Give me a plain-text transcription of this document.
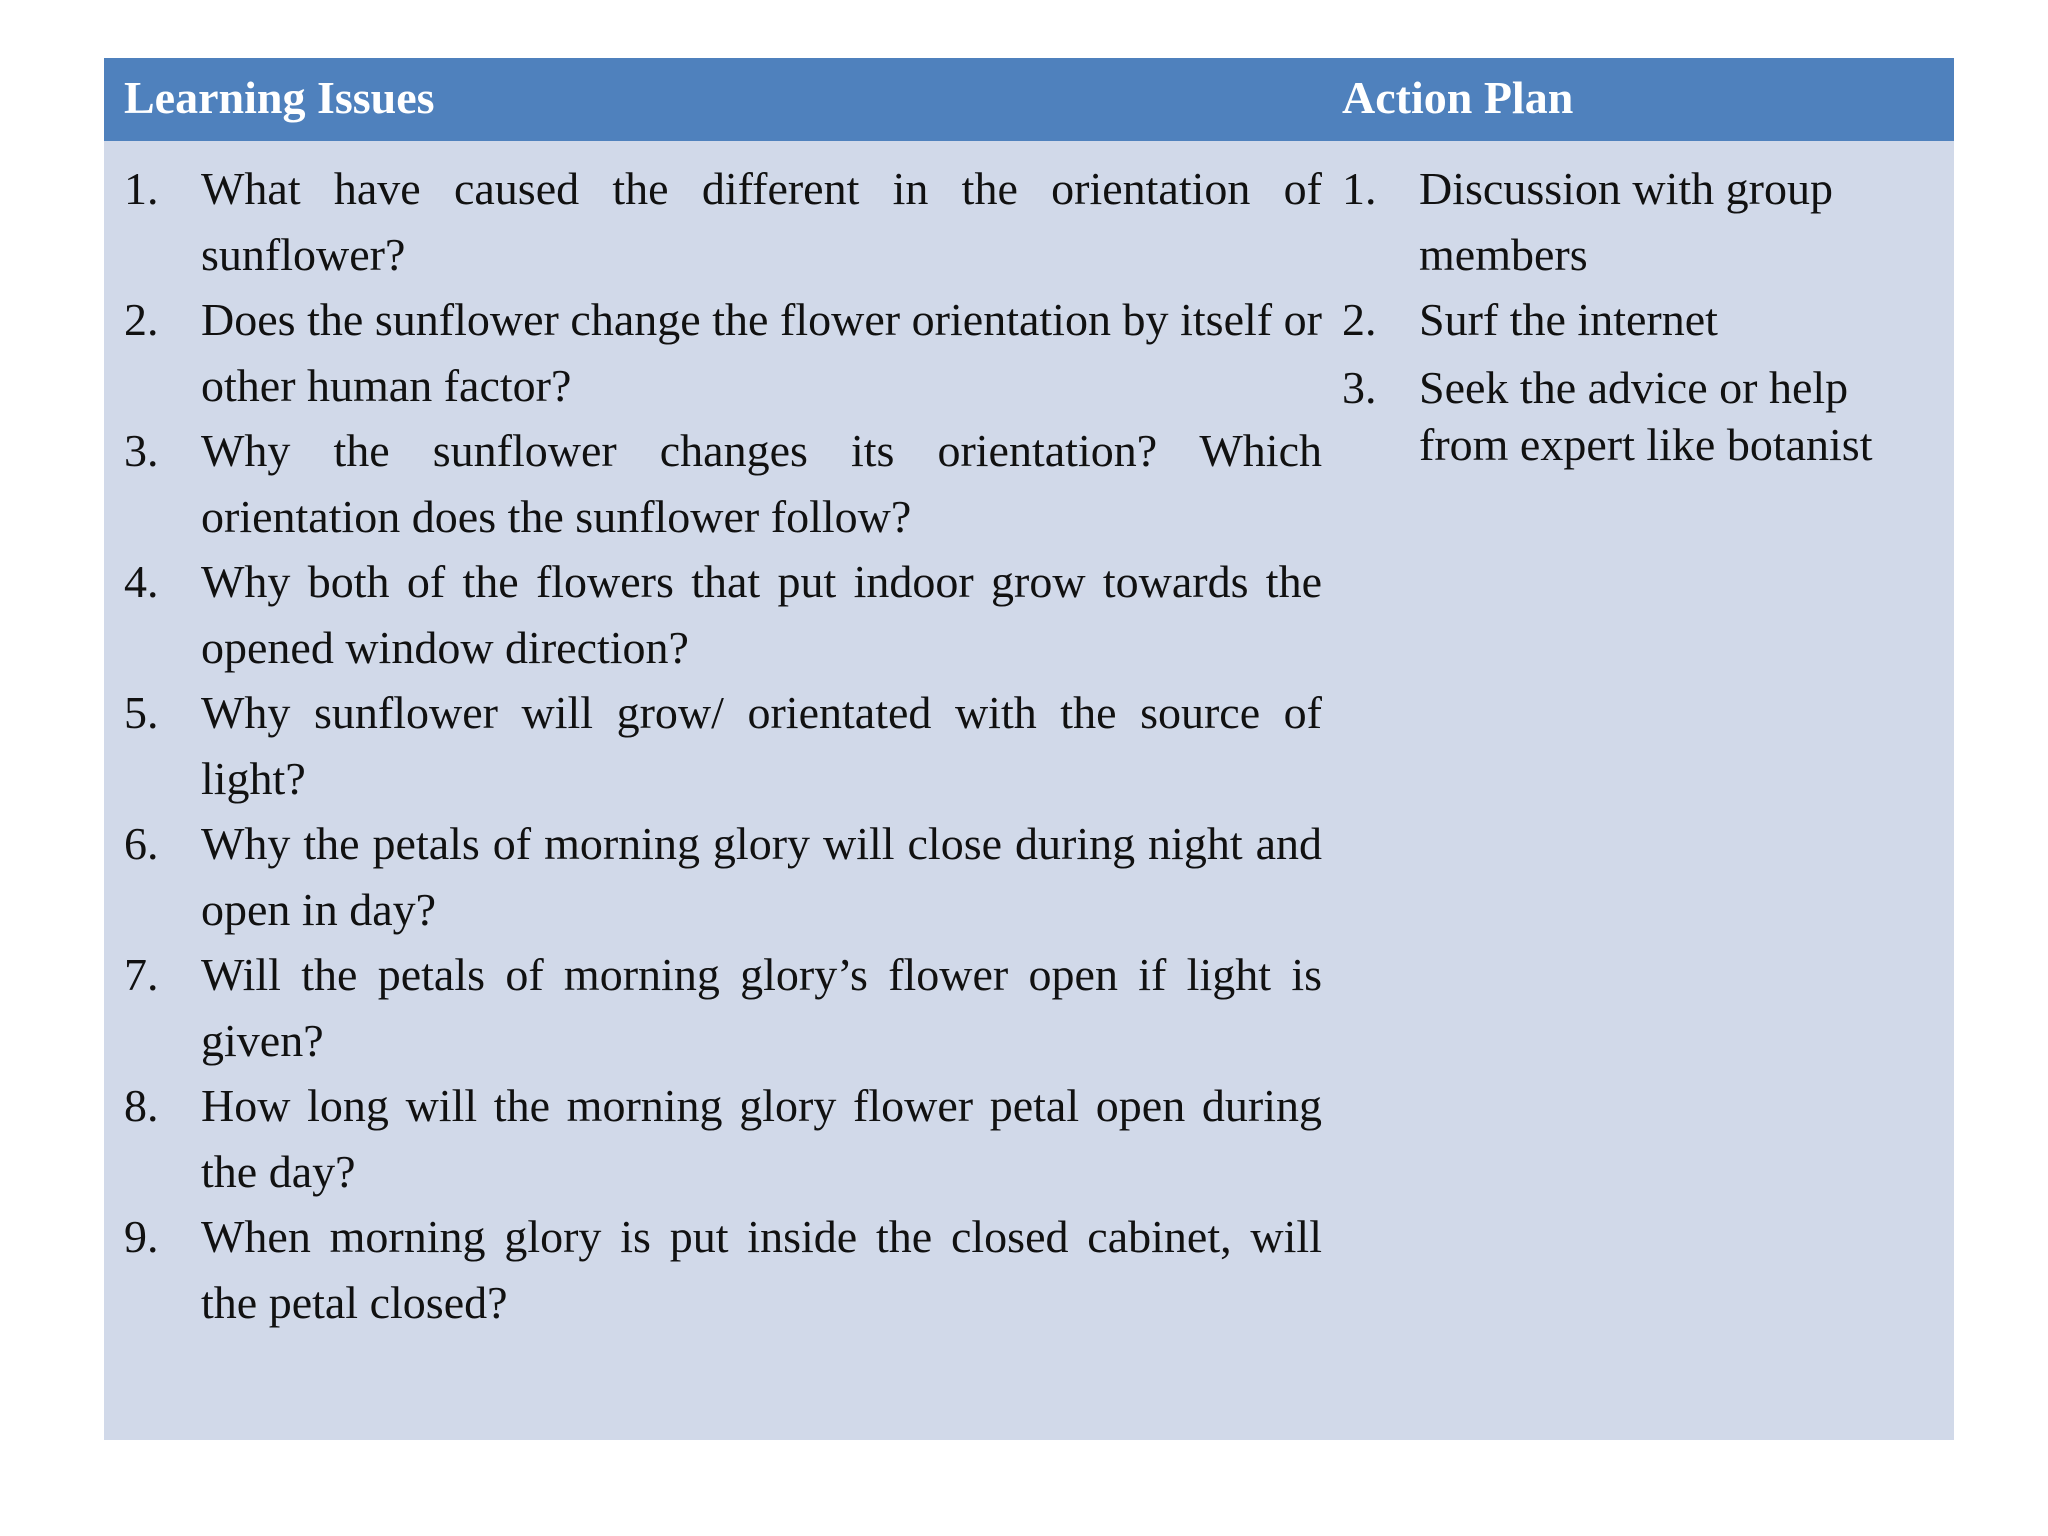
Learning Issues	Action Plan
1. What have caused the different in the orientation of sunflower?
2. Does the sunflower change the flower orientation by itself or other human factor?
3. Why the sunflower changes its orientation? Which orientation does the sunflower follow?
4. Why both of the flowers that put indoor grow towards the opened window direction?
5. Why sunflower will grow/ orientated with the source of light?
6. Why the petals of morning glory will close during night and open in day?
7. Will the petals of morning glory’s flower open if light is given?
8. How long will the morning glory flower petal open during the day?
9. When morning glory is put inside the closed cabinet, will the petal closed?
1. Discussion with group members
2. Surf the internet
3. Seek the advice or help from expert like botanist
